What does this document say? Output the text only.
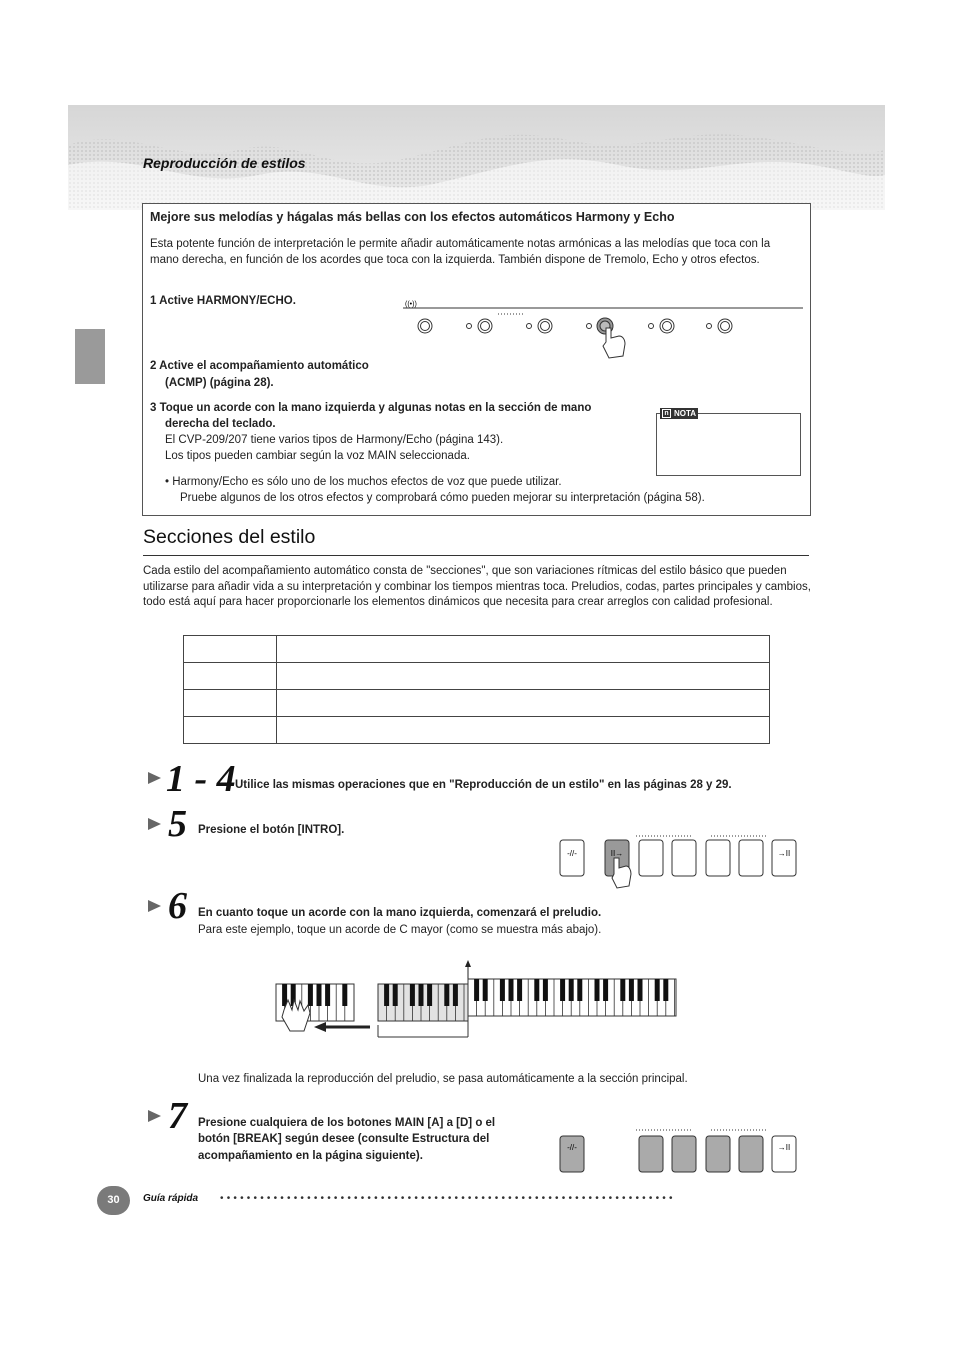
Reproducción de estilos
Mejore sus melodías y hágalas más bellas con los efectos automáticos Harmony y Echo
Esta potente función de interpretación le permite añadir automáticamente notas armónicas a las melodías que toca con la mano derecha, en función de los acordes que toca con la izquierda. También dispone de Tremolo, Echo y otros efectos.
1 Active HARMONY/ECHO.	((•))
2 Active el acompañamiento automático
(ACMP) (página 28).
3 Toque un acorde con la mano izquierda y algunas notas en la sección de mano
derecha del teclado.
El CVP-209/207 tiene varios tipos de Harmony/Echo (página 143).
Los tipos pueden cambiar según la voz MAIN seleccionada.
n NOTA
• Harmony/Echo es sólo uno de los muchos efectos de voz que puede utilizar.
Pruebe algunos de los otros efectos y comprobará cómo pueden mejorar su interpretación (página 58).
Secciones del estilo
Cada estilo del acompañamiento automático consta de "secciones", que son variaciones rítmicas del estilo básico que pueden utilizarse para añadir vida a su interpretación y combinar los tiempos mientras toca. Preludios, codas, partes principales y cambios, todo está aquí para hacer proporcionarle los elementos dinámicos que necesita para crear arreglos con calidad profesional.

1 - 4 Utilice las mismas operaciones que en "Reproducción de un estilo" en las páginas 28 y 29.
5 Presione el botón [INTRO].
-//-	II→	→II
6 En cuanto toque un acorde con la mano izquierda, comenzará el preludio.
Para este ejemplo, toque un acorde de C mayor (como se muestra más abajo).
Una vez finalizada la reproducción del preludio, se pasa automáticamente a la sección principal.
7 Presione cualquiera de los botones MAIN [A] a [D] o el
botón [BREAK] según desee (consulte Estructura del
acompañamiento en la página siguiente).
-//-	→II
30	Guía rápida ••••••••••••••••••••••••••••••••••••••••••••••••••••••••••••••••••••
